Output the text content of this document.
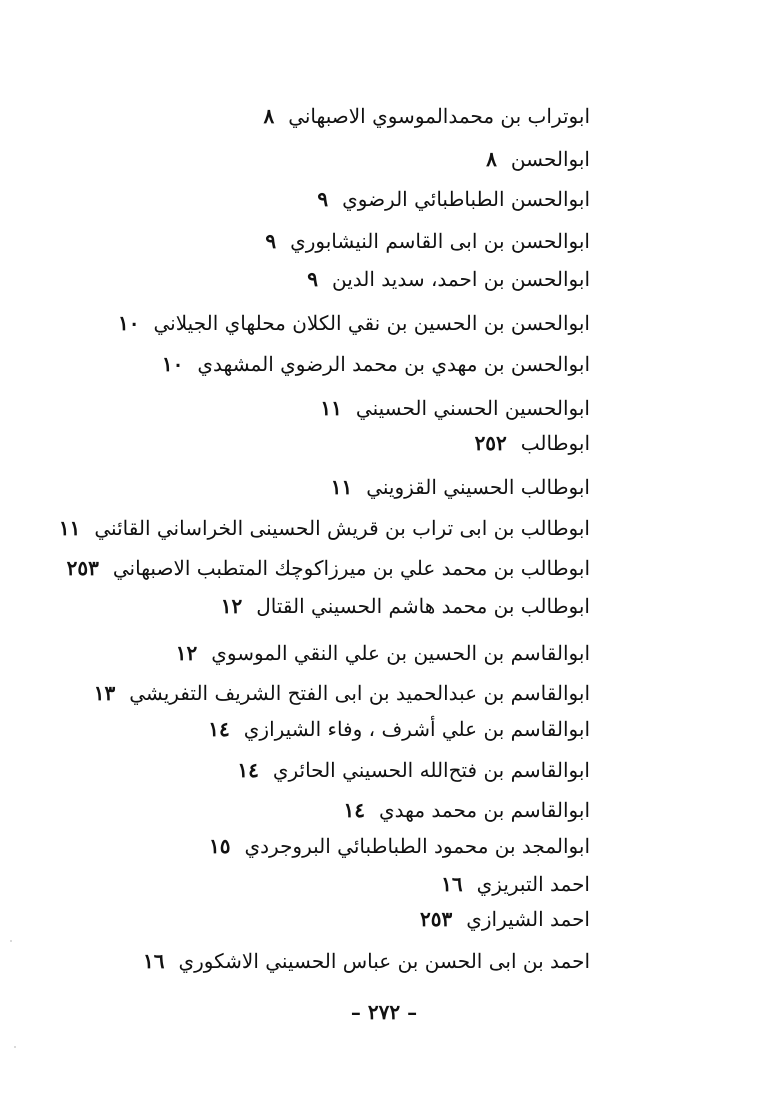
ابوتراب بن محمدالموسوي الاصبهاني٨
ابوالحسن٨
ابوالحسن الطباطبائي الرضوي٩
ابوالحسن بن ابى القاسم النيشابوري٩
ابوالحسن بن احمد، سديد الدين٩
ابوالحسن بن الحسين بن نقي الكلان محلهاي الجيلاني١٠
ابوالحسن بن مهدي بن محمد الرضوي المشهدي١٠
ابوالحسين الحسني الحسيني١١
ابوطالب٢٥٢
ابوطالب الحسيني القزويني١١
ابوطالب بن ابى تراب بن قريش الحسينى الخراساني القائني١١
ابوطالب بن محمد علي بن ميرزاكوچك المتطبب الاصبهاني٢٥٣
ابوطالب بن محمد هاشم الحسيني القتال١٢
ابوالقاسم بن الحسين بن علي النقي الموسوي١٢
ابوالقاسم بن عبدالحميد بن ابى الفتح الشريف التفريشي١٣
ابوالقاسم بن علي أشرف ، وفاء الشيرازي١٤
ابوالقاسم بن فتح‌الله الحسيني الحائري١٤
ابوالقاسم بن محمد مهدي١٤
ابوالمجد بن محمود الطباطبائي البروجردي١٥
احمد التبريزي١٦
احمد الشيرازي٢٥٣
احمد بن ابى الحسن بن عباس الحسيني الاشكوري١٦
– ٢٧٢ –
